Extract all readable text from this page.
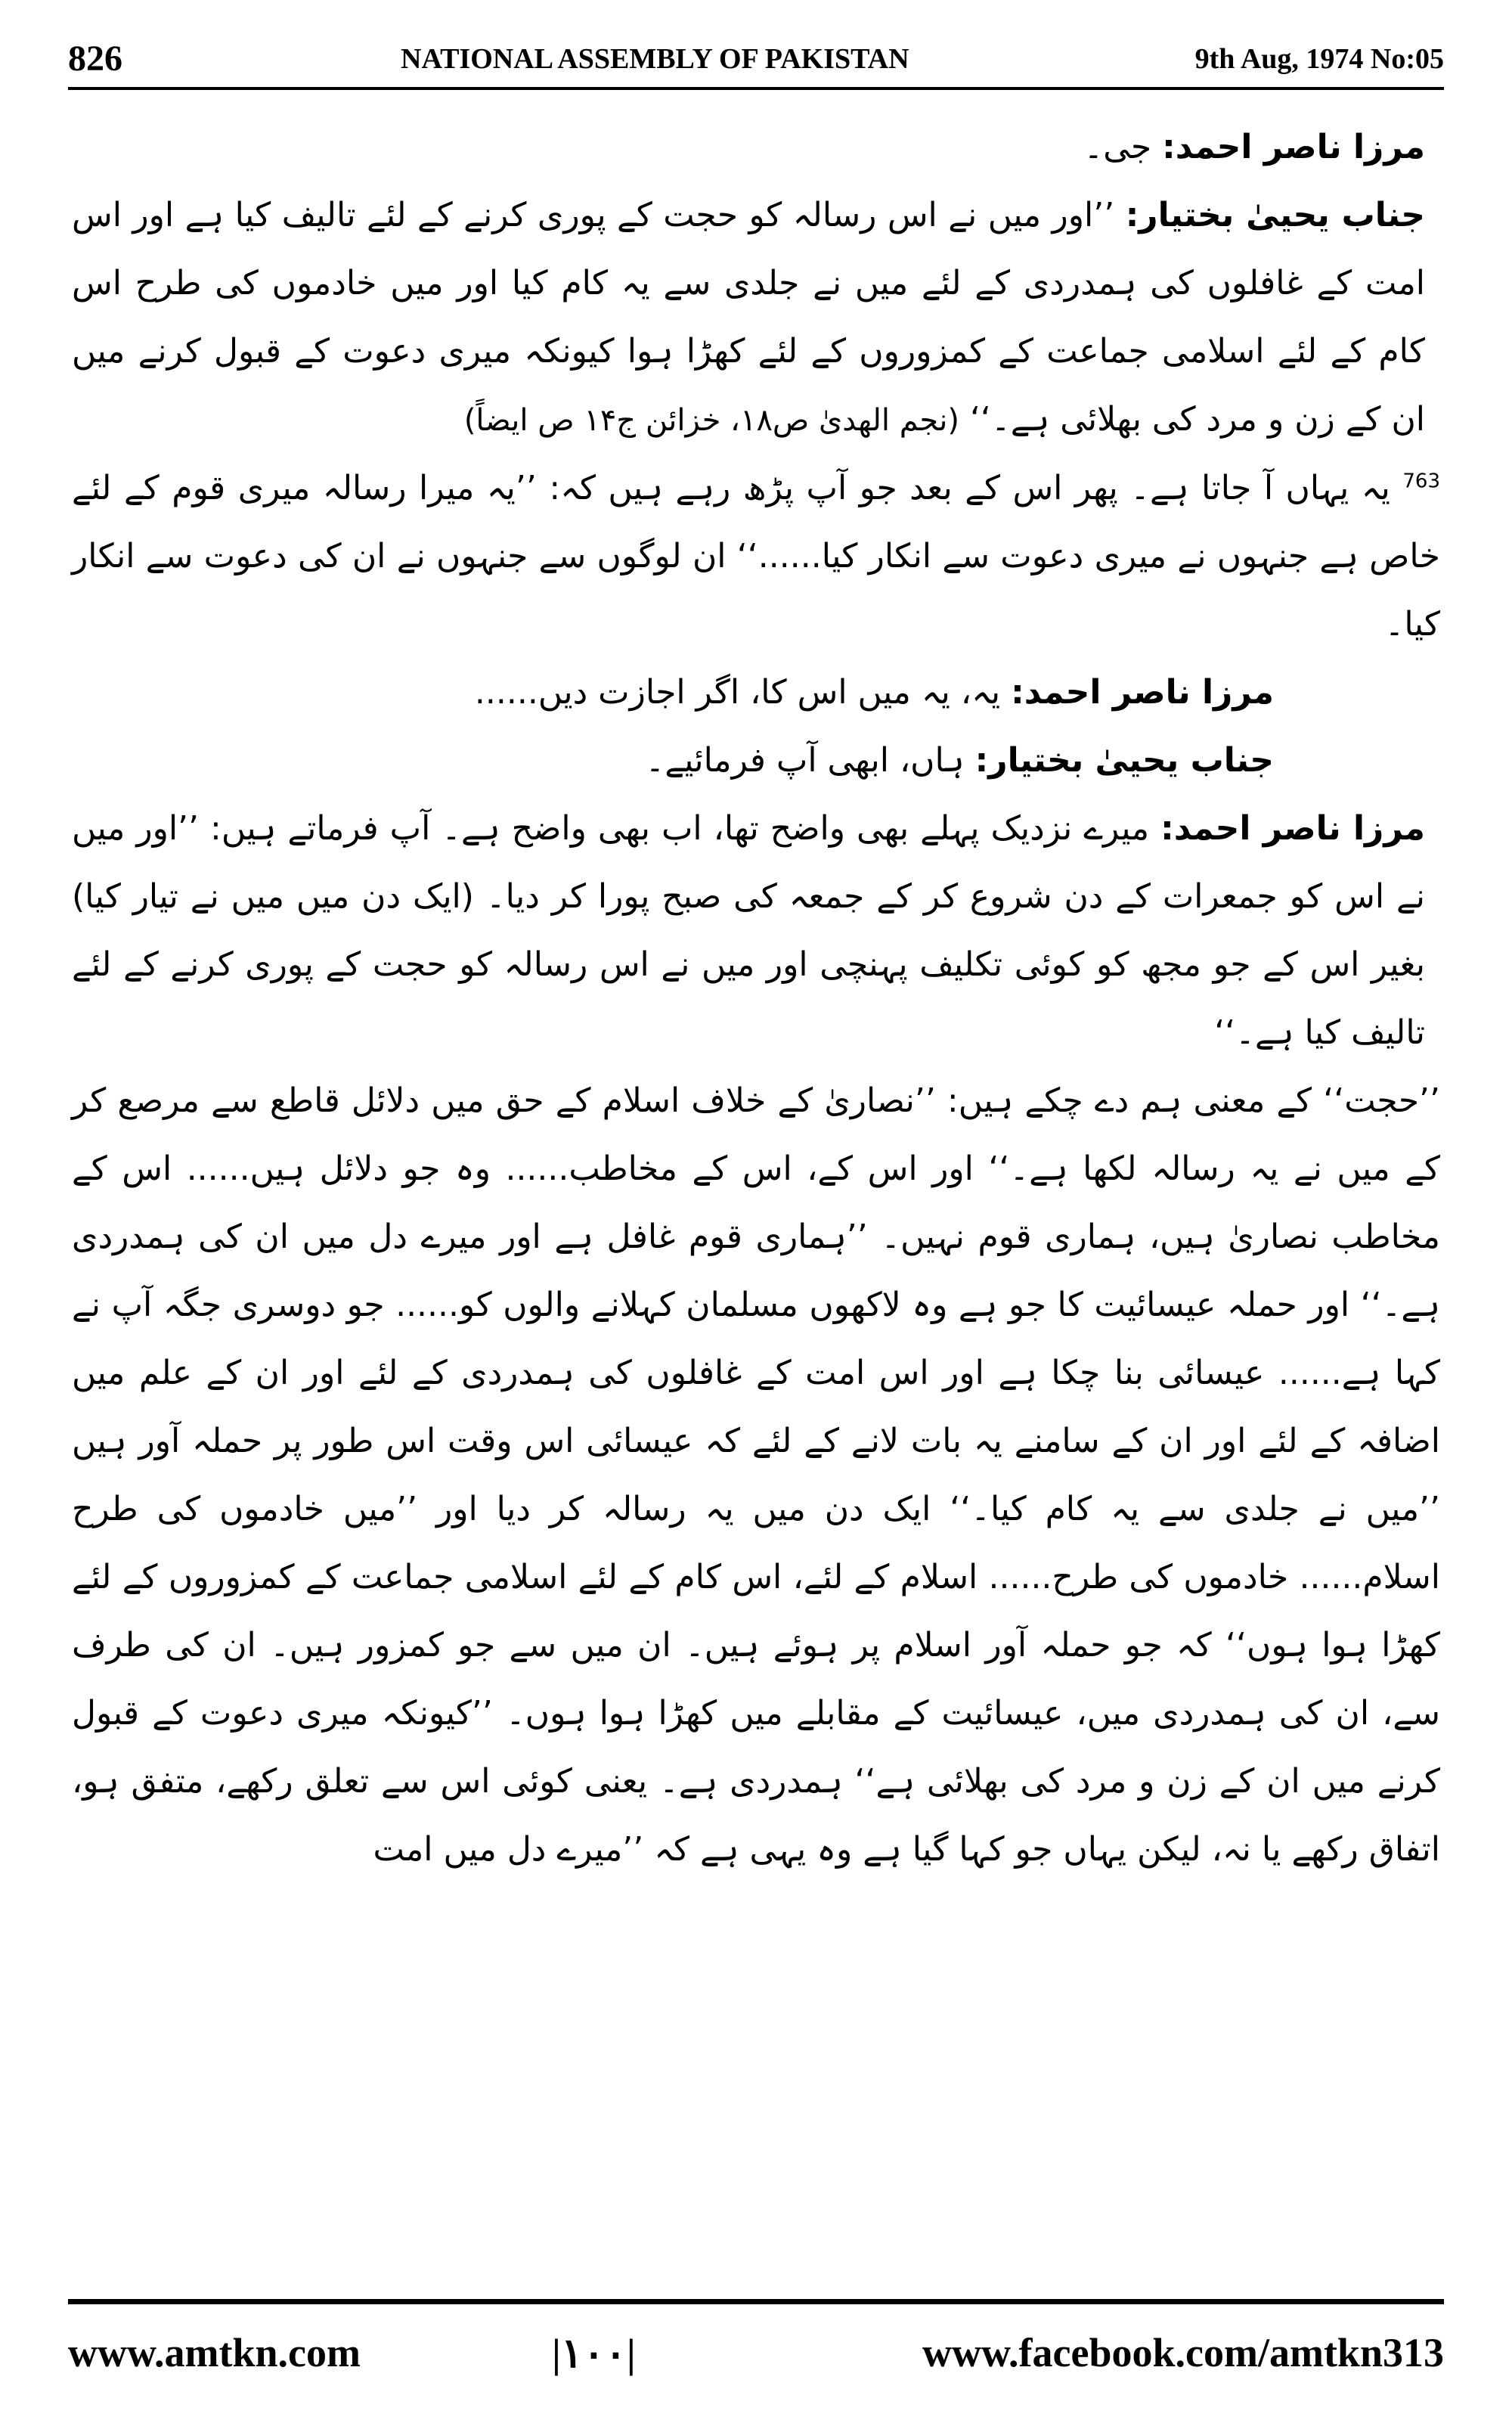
826	NATIONAL ASSEMBLY OF PAKISTAN	9th Aug, 1974 No:05

مرزا ناصر احمد: جی۔

جناب یحییٰ بختیار: ’’اور میں نے اس رسالہ کو حجت کے پوری کرنے کے لئے تالیف کیا ہے اور اس امت کے غافلوں کی ہمدردی کے لئے میں نے جلدی سے یہ کام کیا اور میں خادموں کی طرح اس کام کے لئے اسلامی جماعت کے کمزوروں کے لئے کھڑا ہوا کیونکہ میری دعوت کے قبول کرنے میں ان کے زن و مرد کی بھلائی ہے۔‘‘ (نجم الھدیٰ ص۱۸، خزائن ج۱۴ ص ایضاً)

$^{763}$ یہ یہاں آ جاتا ہے۔ پھر اس کے بعد جو آپ پڑھ رہے ہیں کہ: ’’یہ میرا رسالہ میری قوم کے لئے خاص ہے جنہوں نے میری دعوت سے انکار کیا......‘‘ ان لوگوں سے جنہوں نے ان کی دعوت سے انکار کیا۔

مرزا ناصر احمد: یہ، یہ میں اس کا، اگر اجازت دیں......

جناب یحییٰ بختیار: ہاں، ابھی آپ فرمائیے۔

مرزا ناصر احمد: میرے نزدیک پہلے بھی واضح تھا، اب بھی واضح ہے۔ آپ فرماتے ہیں: ’’اور میں نے اس کو جمعرات کے دن شروع کر کے جمعہ کی صبح پورا کر دیا۔ (ایک دن میں میں نے تیار کیا) بغیر اس کے جو مجھ کو کوئی تکلیف پہنچی اور میں نے اس رسالہ کو حجت کے پوری کرنے کے لئے تالیف کیا ہے۔‘‘

’’حجت‘‘ کے معنی ہم دے چکے ہیں: ’’نصاریٰ کے خلاف اسلام کے حق میں دلائل قاطع سے مرصع کر کے میں نے یہ رسالہ لکھا ہے۔‘‘ اور اس کے، اس کے مخاطب...... وہ جو دلائل ہیں...... اس کے مخاطب نصاریٰ ہیں، ہماری قوم نہیں۔ ’’ہماری قوم غافل ہے اور میرے دل میں ان کی ہمدردی ہے۔‘‘ اور حملہ عیسائیت کا جو ہے وہ لاکھوں مسلمان کہلانے والوں کو...... جو دوسری جگہ آپ نے کہا ہے...... عیسائی بنا چکا ہے اور اس امت کے غافلوں کی ہمدردی کے لئے اور ان کے علم میں اضافہ کے لئے اور ان کے سامنے یہ بات لانے کے لئے کہ عیسائی اس وقت اس طور پر حملہ آور ہیں ’’میں نے جلدی سے یہ کام کیا۔‘‘ ایک دن میں یہ رسالہ کر دیا اور ’’میں خادموں کی طرح اسلام...... خادموں کی طرح...... اسلام کے لئے، اس کام کے لئے اسلامی جماعت کے کمزوروں کے لئے کھڑا ہوا ہوں‘‘ کہ جو حملہ آور اسلام پر ہوئے ہیں۔ ان میں سے جو کمزور ہیں۔ ان کی طرف سے، ان کی ہمدردی میں، عیسائیت کے مقابلے میں کھڑا ہوا ہوں۔ ’’کیونکہ میری دعوت کے قبول کرنے میں ان کے زن و مرد کی بھلائی ہے‘‘ ہمدردی ہے۔ یعنی کوئی اس سے تعلق رکھے، متفق ہو، اتفاق رکھے یا نہ، لیکن یہاں جو کہا گیا ہے وہ یہی ہے کہ ’’میرے دل میں امت

www.amtkn.com	|۱۰۰|	www.facebook.com/amtkn313
